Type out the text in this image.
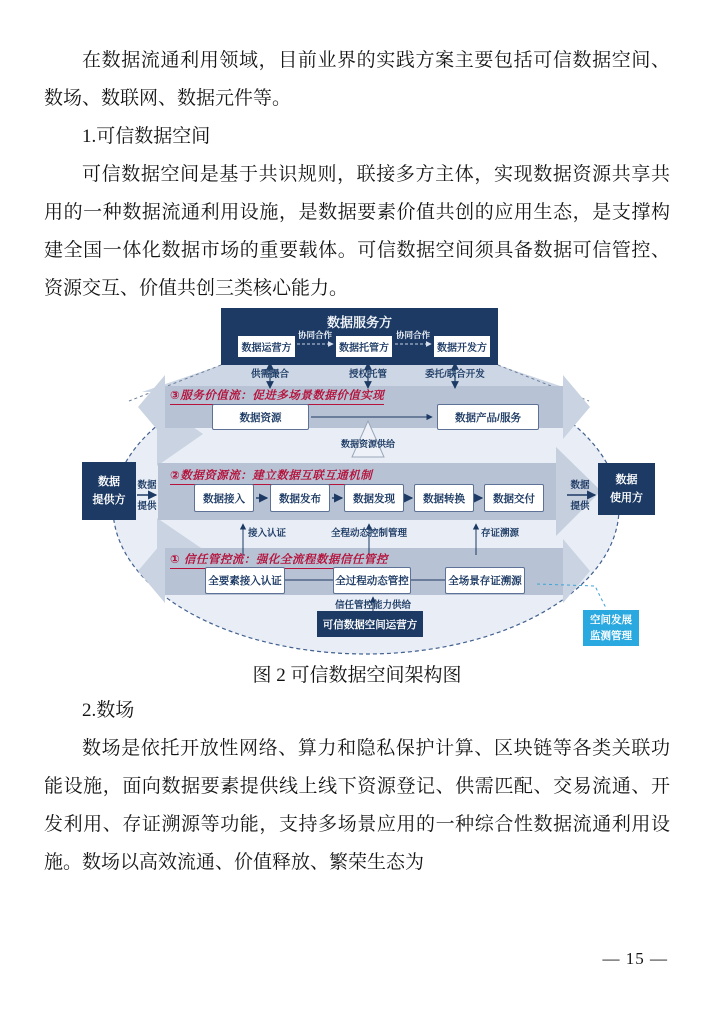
在数据流通利用领域，目前业界的实践方案主要包括可信数据空间、数场、数联网、数据元件等。

1.可信数据空间

可信数据空间是基于共识规则，联接多方主体，实现数据资源共享共用的一种数据流通利用设施，是数据要素价值共创的应用生态，是支撑构建全国一体化数据市场的重要载体。可信数据空间须具备数据可信管控、资源交互、价值共创三类核心能力。

数据服务方
数据运营方	数据托管方	数据开发方
协同合作	协同合作
供需撮合	授权托管	委托/联合开发
③服务价值流：促进多场景数据价值实现
数据资源	数据产品/服务
数据资源供给
②数据资源流：建立数据互联互通机制
数据接入	数据发布	数据发现	数据转换	数据交付
数据
提供
数据
提供
接入认证	全程动态控制管理	存证溯源
① 信任管控流：强化全流程数据信任管控
全要素接入认证	全过程动态管控	全场景存证溯源
信任管控能力供给
可信数据空间运营方
数据
提供方
数据
使用方
空间发展
监测管理
图 2 可信数据空间架构图

2.数场

数场是依托开放性网络、算力和隐私保护计算、区块链等各类关联功能设施，面向数据要素提供线上线下资源登记、供需匹配、交易流通、开发利用、存证溯源等功能，支持多场景应用的一种综合性数据流通利用设施。数场以高效流通、价值释放、繁荣生态为

— 15 —
